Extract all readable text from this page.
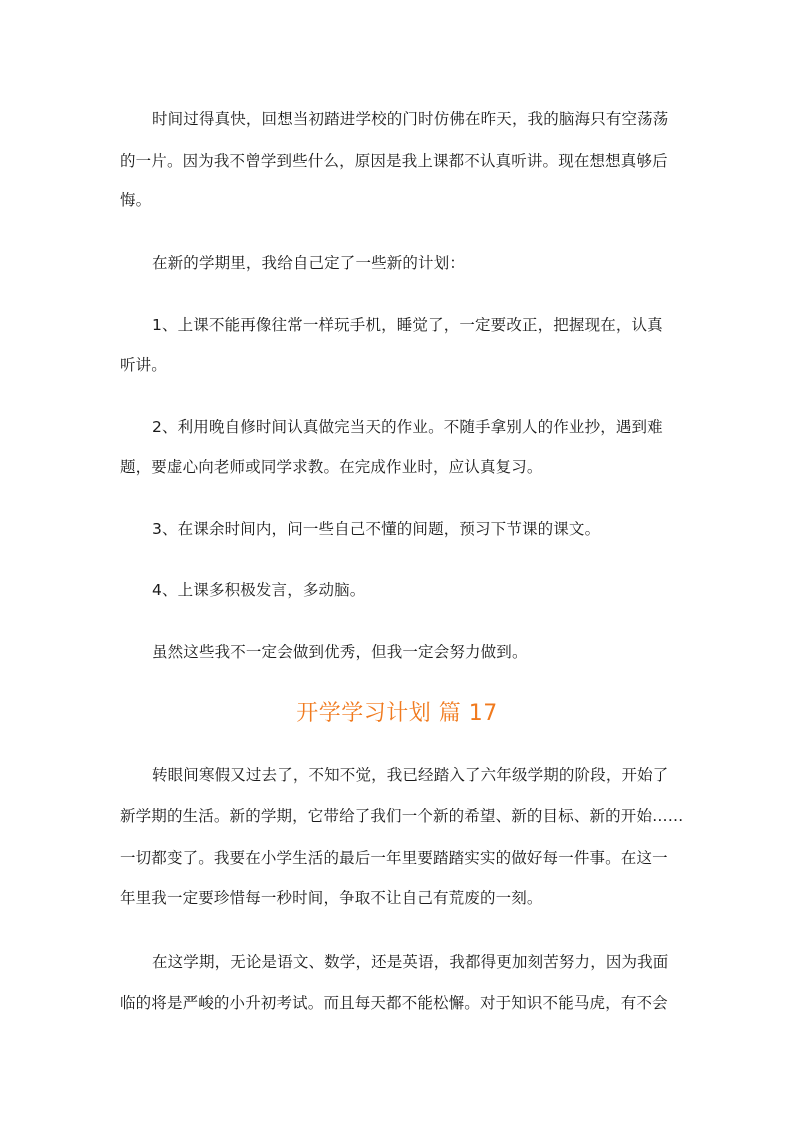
时间过得真快，回想当初踏进学校的门时仿佛在昨天，我的脑海只有空荡荡
的一片。因为我不曾学到些什么，原因是我上课都不认真听讲。现在想想真够后
悔。
在新的学期里，我给自己定了一些新的计划：
1、上课不能再像往常一样玩手机，睡觉了，一定要改正，把握现在，认真
听讲。
2、利用晚自修时间认真做完当天的作业。不随手拿别人的作业抄，遇到难
题，要虚心向老师或同学求教。在完成作业时，应认真复习。
3、在课余时间内，问一些自己不懂的间题，预习下节课的课文。
4、上课多积极发言，多动脑。
虽然这些我不一定会做到优秀，但我一定会努力做到。
开学学习计划 篇 17
转眼间寒假又过去了，不知不觉，我已经踏入了六年级学期的阶段，开始了
新学期的生活。新的学期，它带给了我们一个新的希望、新的目标、新的开始……
一切都变了。我要在小学生活的最后一年里要踏踏实实的做好每一件事。在这一
年里我一定要珍惜每一秒时间，争取不让自己有荒废的一刻。
在这学期，无论是语文、数学，还是英语，我都得更加刻苦努力，因为我面
临的将是严峻的小升初考试。而且每天都不能松懈。对于知识不能马虎，有不会
